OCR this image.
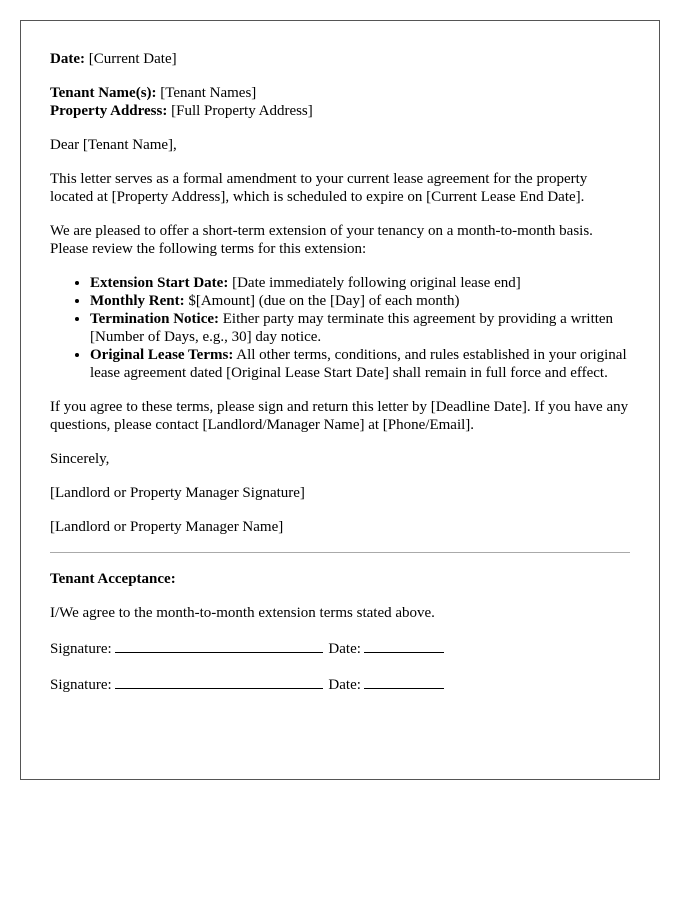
Date: [Current Date]

Tenant Name(s): [Tenant Names]
Property Address: [Full Property Address]

Dear [Tenant Name],

This letter serves as a formal amendment to your current lease agreement for the property located at [Property Address], which is scheduled to expire on [Current Lease End Date].

We are pleased to offer a short-term extension of your tenancy on a month-to-month basis. Please review the following terms for this extension:

• Extension Start Date: [Date immediately following original lease end]
• Monthly Rent: $[Amount] (due on the [Day] of each month)
• Termination Notice: Either party may terminate this agreement by providing a written [Number of Days, e.g., 30] day notice.
• Original Lease Terms: All other terms, conditions, and rules established in your original lease agreement dated [Original Lease Start Date] shall remain in full force and effect.

If you agree to these terms, please sign and return this letter by [Deadline Date]. If you have any questions, please contact [Landlord/Manager Name] at [Phone/Email].

Sincerely,

[Landlord or Property Manager Signature]

[Landlord or Property Manager Name]

Tenant Acceptance:

I/We agree to the month-to-month extension terms stated above.

Signature:	Date:
Signature:	Date:
